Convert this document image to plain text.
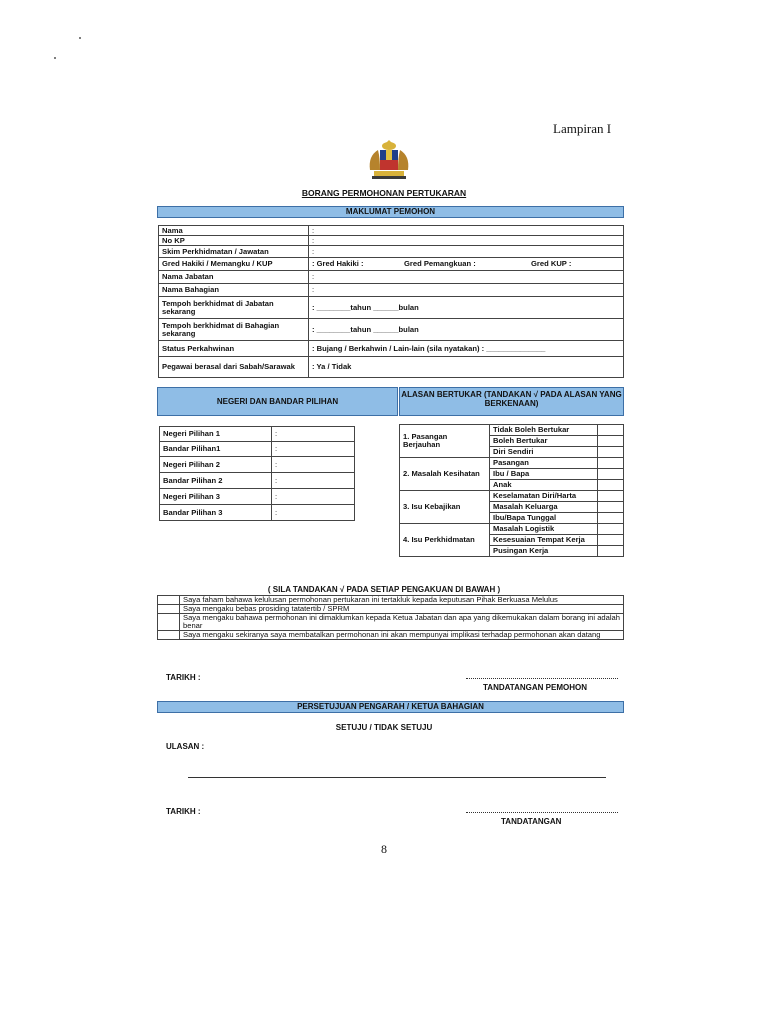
Lampiran I
BORANG PERMOHONAN PERTUKARAN
MAKLUMAT PEMOHON
Nama	:
No KP	:
Skim Perkhidmatan / Jawatan	:
Gred Hakiki / Memangku / KUP	: Gred Hakiki : Gred Pemangkuan : Gred KUP :
Nama Jabatan	:
Nama Bahagian	:
Tempoh berkhidmat di Jabatan sekarang	: ________tahun ______bulan
Tempoh berkhidmat di Bahagian sekarang	: ________tahun ______bulan
Status Perkahwinan	: Bujang / Berkahwin / Lain-lain (sila nyatakan) : ______________
Pegawai berasal dari Sabah/Sarawak	: Ya / Tidak
NEGERI DAN BANDAR PILIHAN
ALASAN BERTUKAR (TANDAKAN √ PADA ALASAN YANG BERKENAAN)
Negeri Pilihan 1	:
Bandar Pilihan1	:
Negeri Pilihan 2	:
Bandar Pilihan 2	:
Negeri Pilihan 3	:
Bandar Pilihan 3	:
1. Pasangan Berjauhan	Tidak Boleh Bertukar	
	Boleh Bertukar	
	Diri Sendiri	
2. Masalah Kesihatan	Pasangan	
	Ibu / Bapa	
	Anak	
3. Isu Kebajikan	Keselamatan Diri/Harta	
	Masalah Keluarga	
	Ibu/Bapa Tunggal	
4. Isu Perkhidmatan	Masalah Logistik	
	Kesesuaian Tempat Kerja	
	Pusingan Kerja	
( SILA TANDAKAN √ PADA SETIAP PENGAKUAN DI BAWAH )
	Saya faham bahawa kelulusan permohonan pertukaran ini tertakluk kepada keputusan Pihak Berkuasa Melulus
	Saya mengaku bebas prosiding tatatertib / SPRM
	Saya mengaku bahawa permohonan ini dimaklumkan kepada Ketua Jabatan dan apa yang dikemukakan dalam borang ini adalah benar
	Saya mengaku sekiranya saya membatalkan permohonan ini akan mempunyai implikasi terhadap permohonan akan datang
TARIKH :
TANDATANGAN PEMOHON
PERSETUJUAN PENGARAH / KETUA BAHAGIAN
SETUJU / TIDAK SETUJU
ULASAN :
TARIKH :
TANDATANGAN
8
